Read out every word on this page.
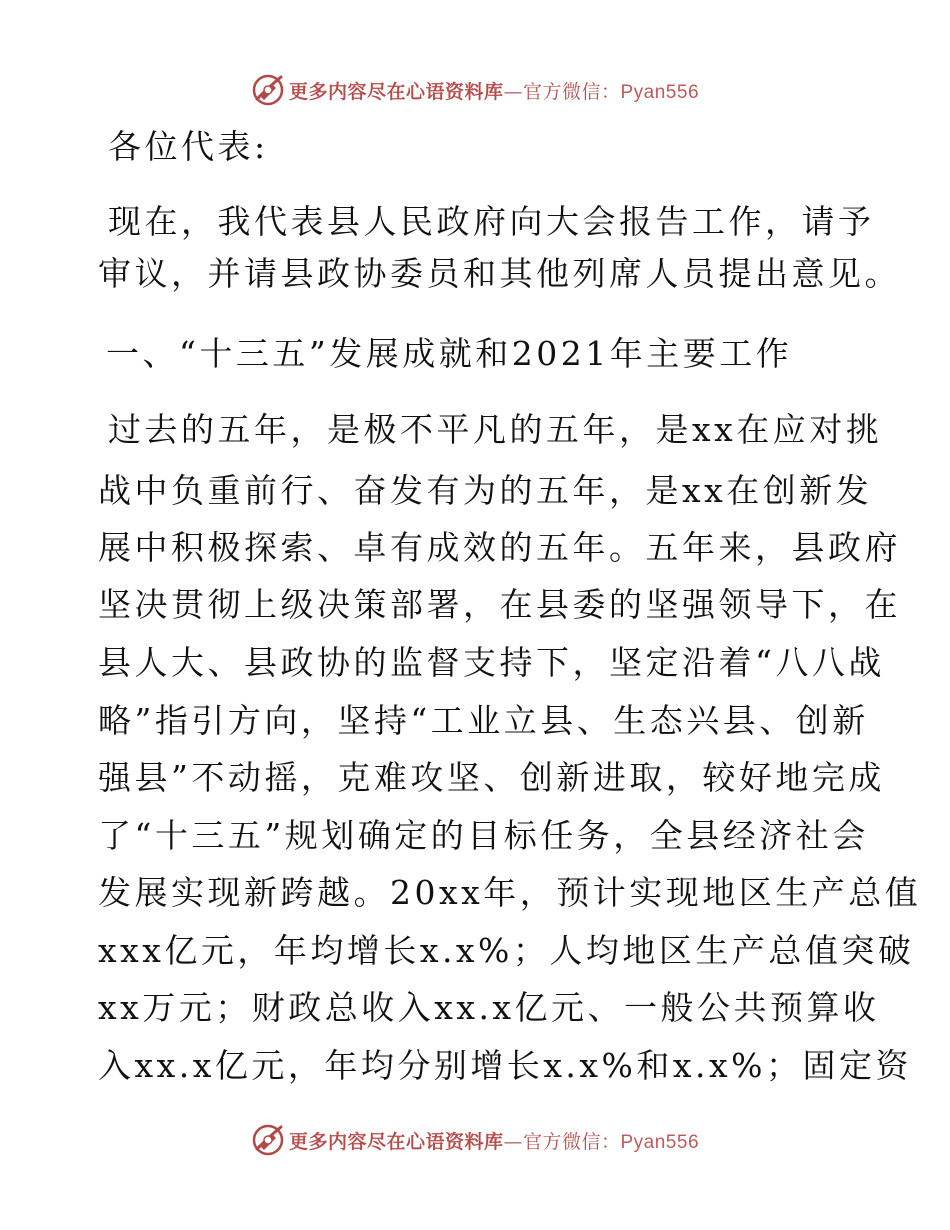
更多内容尽在心语资料库—官方微信：Pyan556
各位代表:
现在，我代表县人民政府向大会报告工作，请予
审议，并请县政协委员和其他列席人员提出意见。
一、“十三五”发展成就和2021年主要工作
过去的五年，是极不平凡的五年，是xx在应对挑
战中负重前行、奋发有为的五年，是xx在创新发
展中积极探索、卓有成效的五年。五年来，县政府
坚决贯彻上级决策部署，在县委的坚强领导下，在
县人大、县政协的监督支持下，坚定沿着“八八战
略”指引方向，坚持“工业立县、生态兴县、创新
强县”不动摇，克难攻坚、创新进取，较好地完成
了“十三五”规划确定的目标任务，全县经济社会
发展实现新跨越。20xx年，预计实现地区生产总值
xxx亿元，年均增长x.x%；人均地区生产总值突破
xx万元；财政总收入xx.x亿元、一般公共预算收
入xx.x亿元，年均分别增长x.x%和x.x%；固定资
更多内容尽在心语资料库—官方微信：Pyan556
